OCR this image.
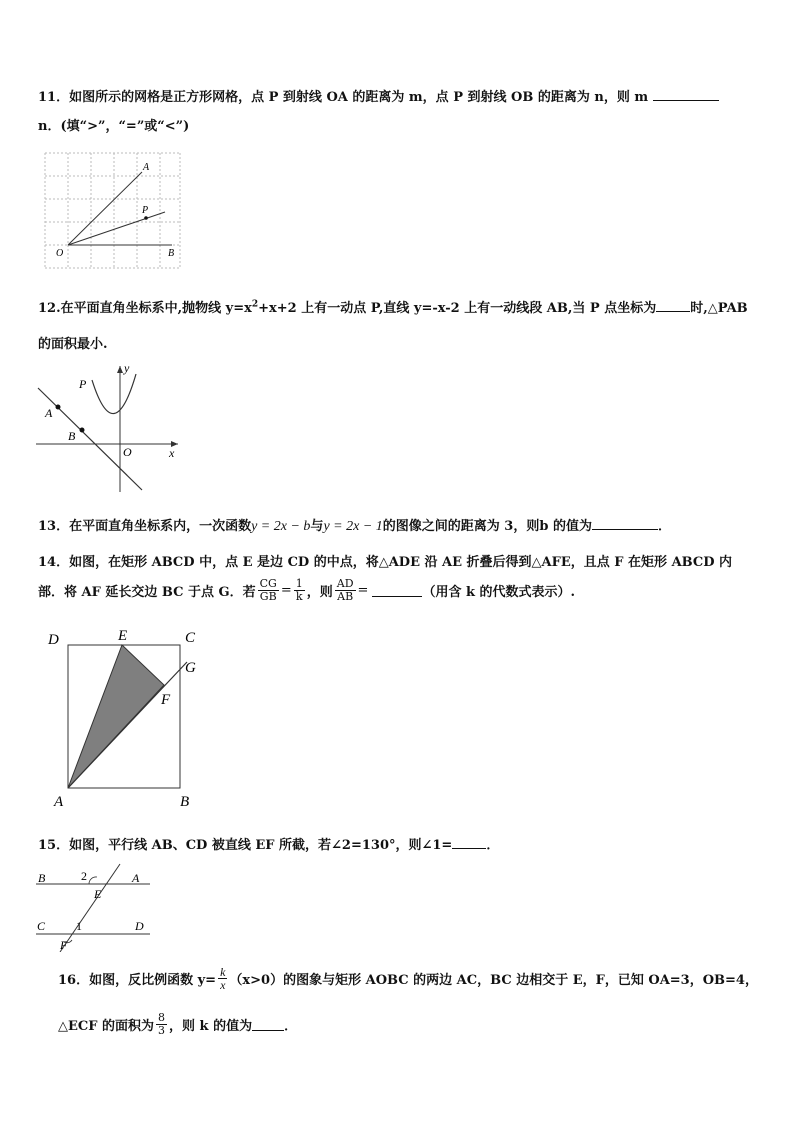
11．如图所示的网格是正方形网格，点 P 到射线 OA 的距离为 m，点 P 到射线 OB 的距离为 n，则 m
n．(填“>”，“=”或“<”)
A
P
O	B
12.在平面直角坐标系中,抛物线 $y=x^2+x+2$ 上有一动点 P,直线 y=-x-2 上有一动线段 AB,当 P 点坐标为	时,△PAB
的面积最小.
y
P
A
B
O	x
13．在平面直角坐标系内，一次函数y = 2x − b与y = 2x − 1的图像之间的距离为 3，则b 的值为	．
14．如图，在矩形 ABCD 中，点 E 是边 CD 的中点，将△ADE 沿 AE 折叠后得到△AFE，且点 F 在矩形 ABCD 内
部．将 AF 延长交边 BC 于点 G．若 $\frac{CG}{GB} = \frac{1}{k}$ ，则 $\frac{AD}{AB}$ =	（用含 k 的代数式表示）.
D	E	C
G
F
A	B
15．如图，平行线 AB、CD 被直线 EF 所截，若∠2=130°，则∠1=	．
B	2	A
E
C	1	D
F
16．如图，反比例函数 $y= \frac{k}{x} (x>0)$的图象与矩形 AOBC 的两边 AC，BC 边相交于 E，F，已知 OA=3，OB=4，
△ECF 的面积为 $\frac{8}{3}$ ，则 k 的值为 ．
